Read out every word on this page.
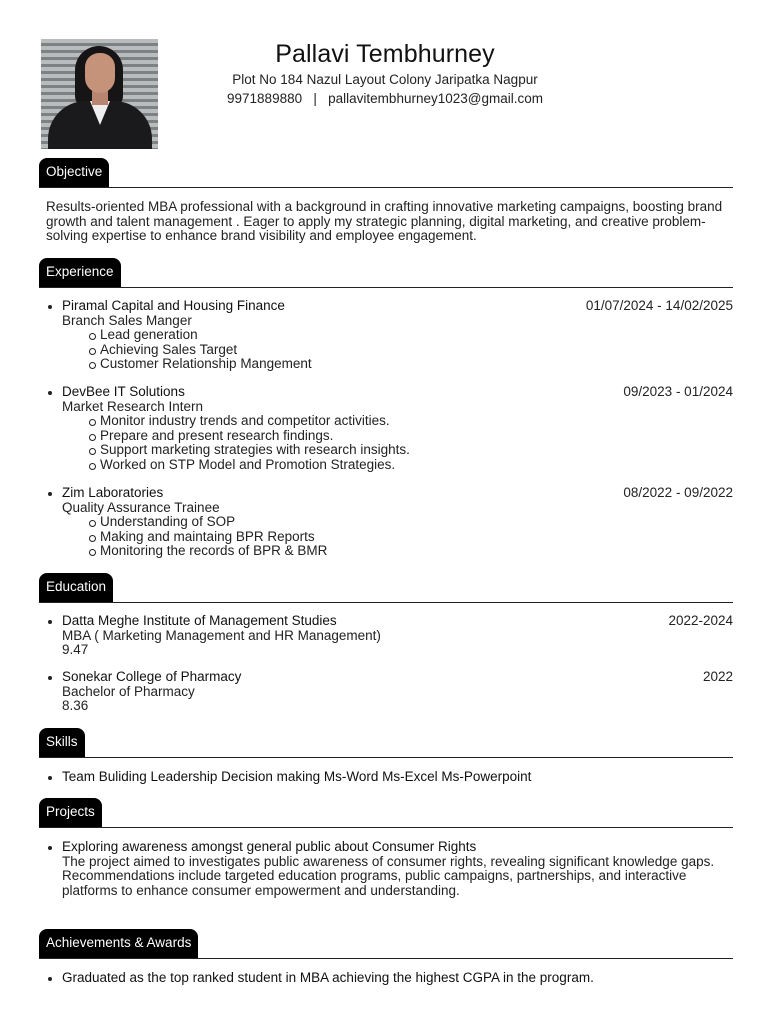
Pallavi Tembhurney
Plot No 184 Nazul Layout Colony Jaripatka Nagpur
9971889880 | pallavitembhurney1023@gmail.com
Objective
Results-oriented MBA professional with a background in crafting innovative marketing campaigns, boosting brand
growth and talent management . Eager to apply my strategic planning, digital marketing, and creative problem-
solving expertise to enhance brand visibility and employee engagement.
Experience
Piramal Capital and Housing Finance	01/07/2024 - 14/02/2025
Branch Sales Manger
Lead generation
Achieving Sales Target
Customer Relationship Mangement
DevBee IT Solutions	09/2023 - 01/2024
Market Research Intern
Monitor industry trends and competitor activities.
Prepare and present research findings.
Support marketing strategies with research insights.
Worked on STP Model and Promotion Strategies.
Zim Laboratories	08/2022 - 09/2022
Quality Assurance Trainee
Understanding of SOP
Making and maintaing BPR Reports
Monitoring the records of BPR & BMR
Education
Datta Meghe Institute of Management Studies	2022-2024
MBA ( Marketing Management and HR Management)
9.47
Sonekar College of Pharmacy	2022
Bachelor of Pharmacy
8.36
Skills
Team Buliding Leadership Decision making Ms-Word Ms-Excel Ms-Powerpoint
Projects
Exploring awareness amongst general public about Consumer Rights
The project aimed to investigates public awareness of consumer rights, revealing significant knowledge gaps.
Recommendations include targeted education programs, public campaigns, partnerships, and interactive
platforms to enhance consumer empowerment and understanding.
Achievements & Awards
Graduated as the top ranked student in MBA achieving the highest CGPA in the program.
